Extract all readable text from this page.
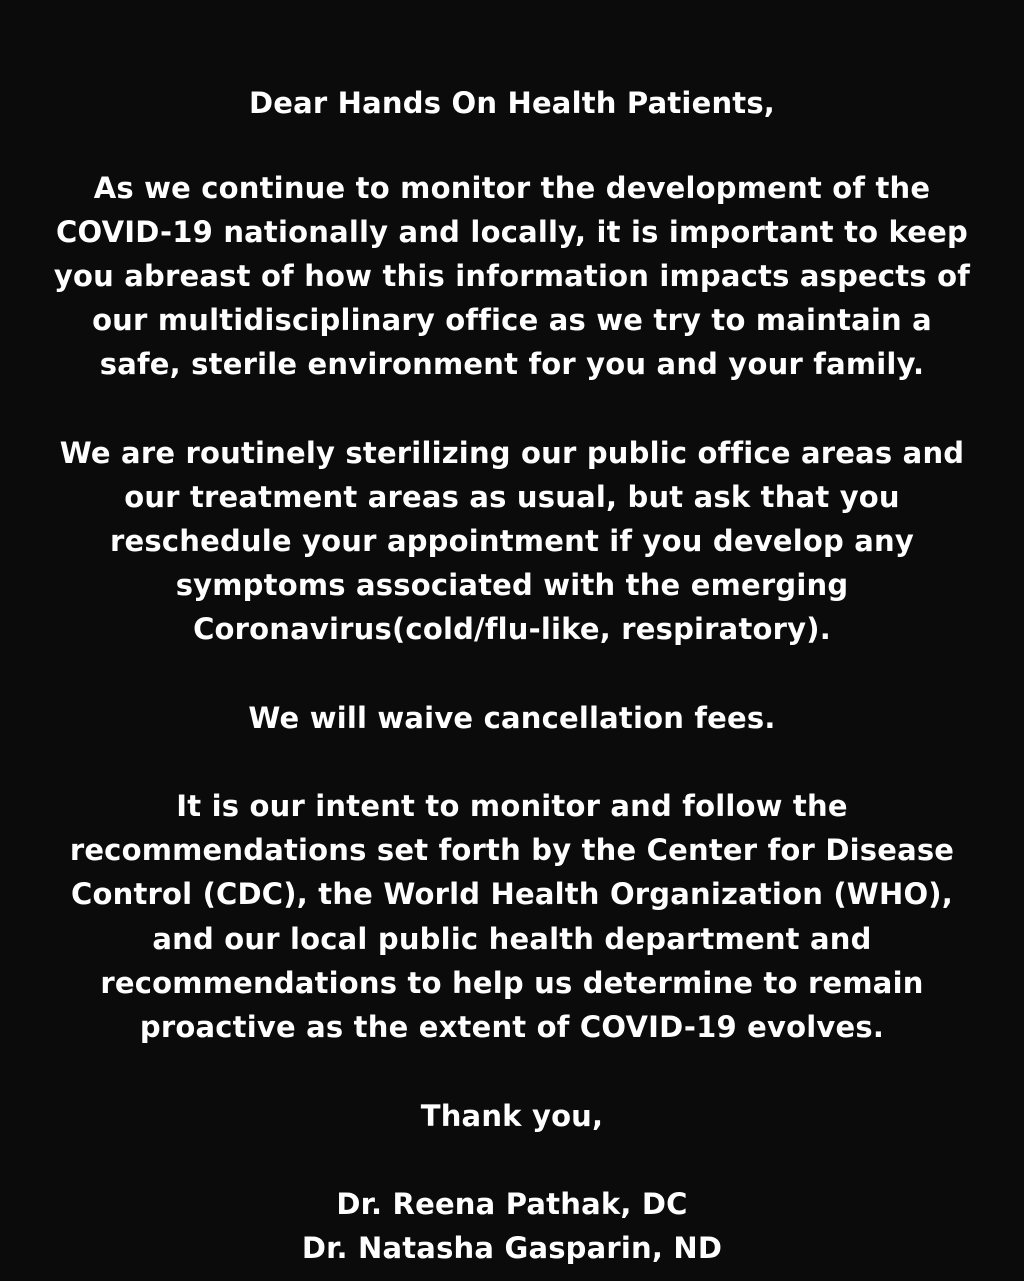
Dear Hands On Health Patients,
As we continue to monitor the development of the
COVID-19 nationally and locally, it is important to keep
you abreast of how this information impacts aspects of
our multidisciplinary office as we try to maintain a
safe, sterile environment for you and your family.
We are routinely sterilizing our public office areas and
our treatment areas as usual, but ask that you
reschedule your appointment if you develop any
symptoms associated with the emerging
Coronavirus(cold/flu-like, respiratory).
We will waive cancellation fees.
It is our intent to monitor and follow the
recommendations set forth by the Center for Disease
Control (CDC), the World Health Organization (WHO),
and our local public health department and
recommendations to help us determine to remain
proactive as the extent of COVID-19 evolves.
Thank you,
Dr. Reena Pathak, DC
Dr. Natasha Gasparin, ND
